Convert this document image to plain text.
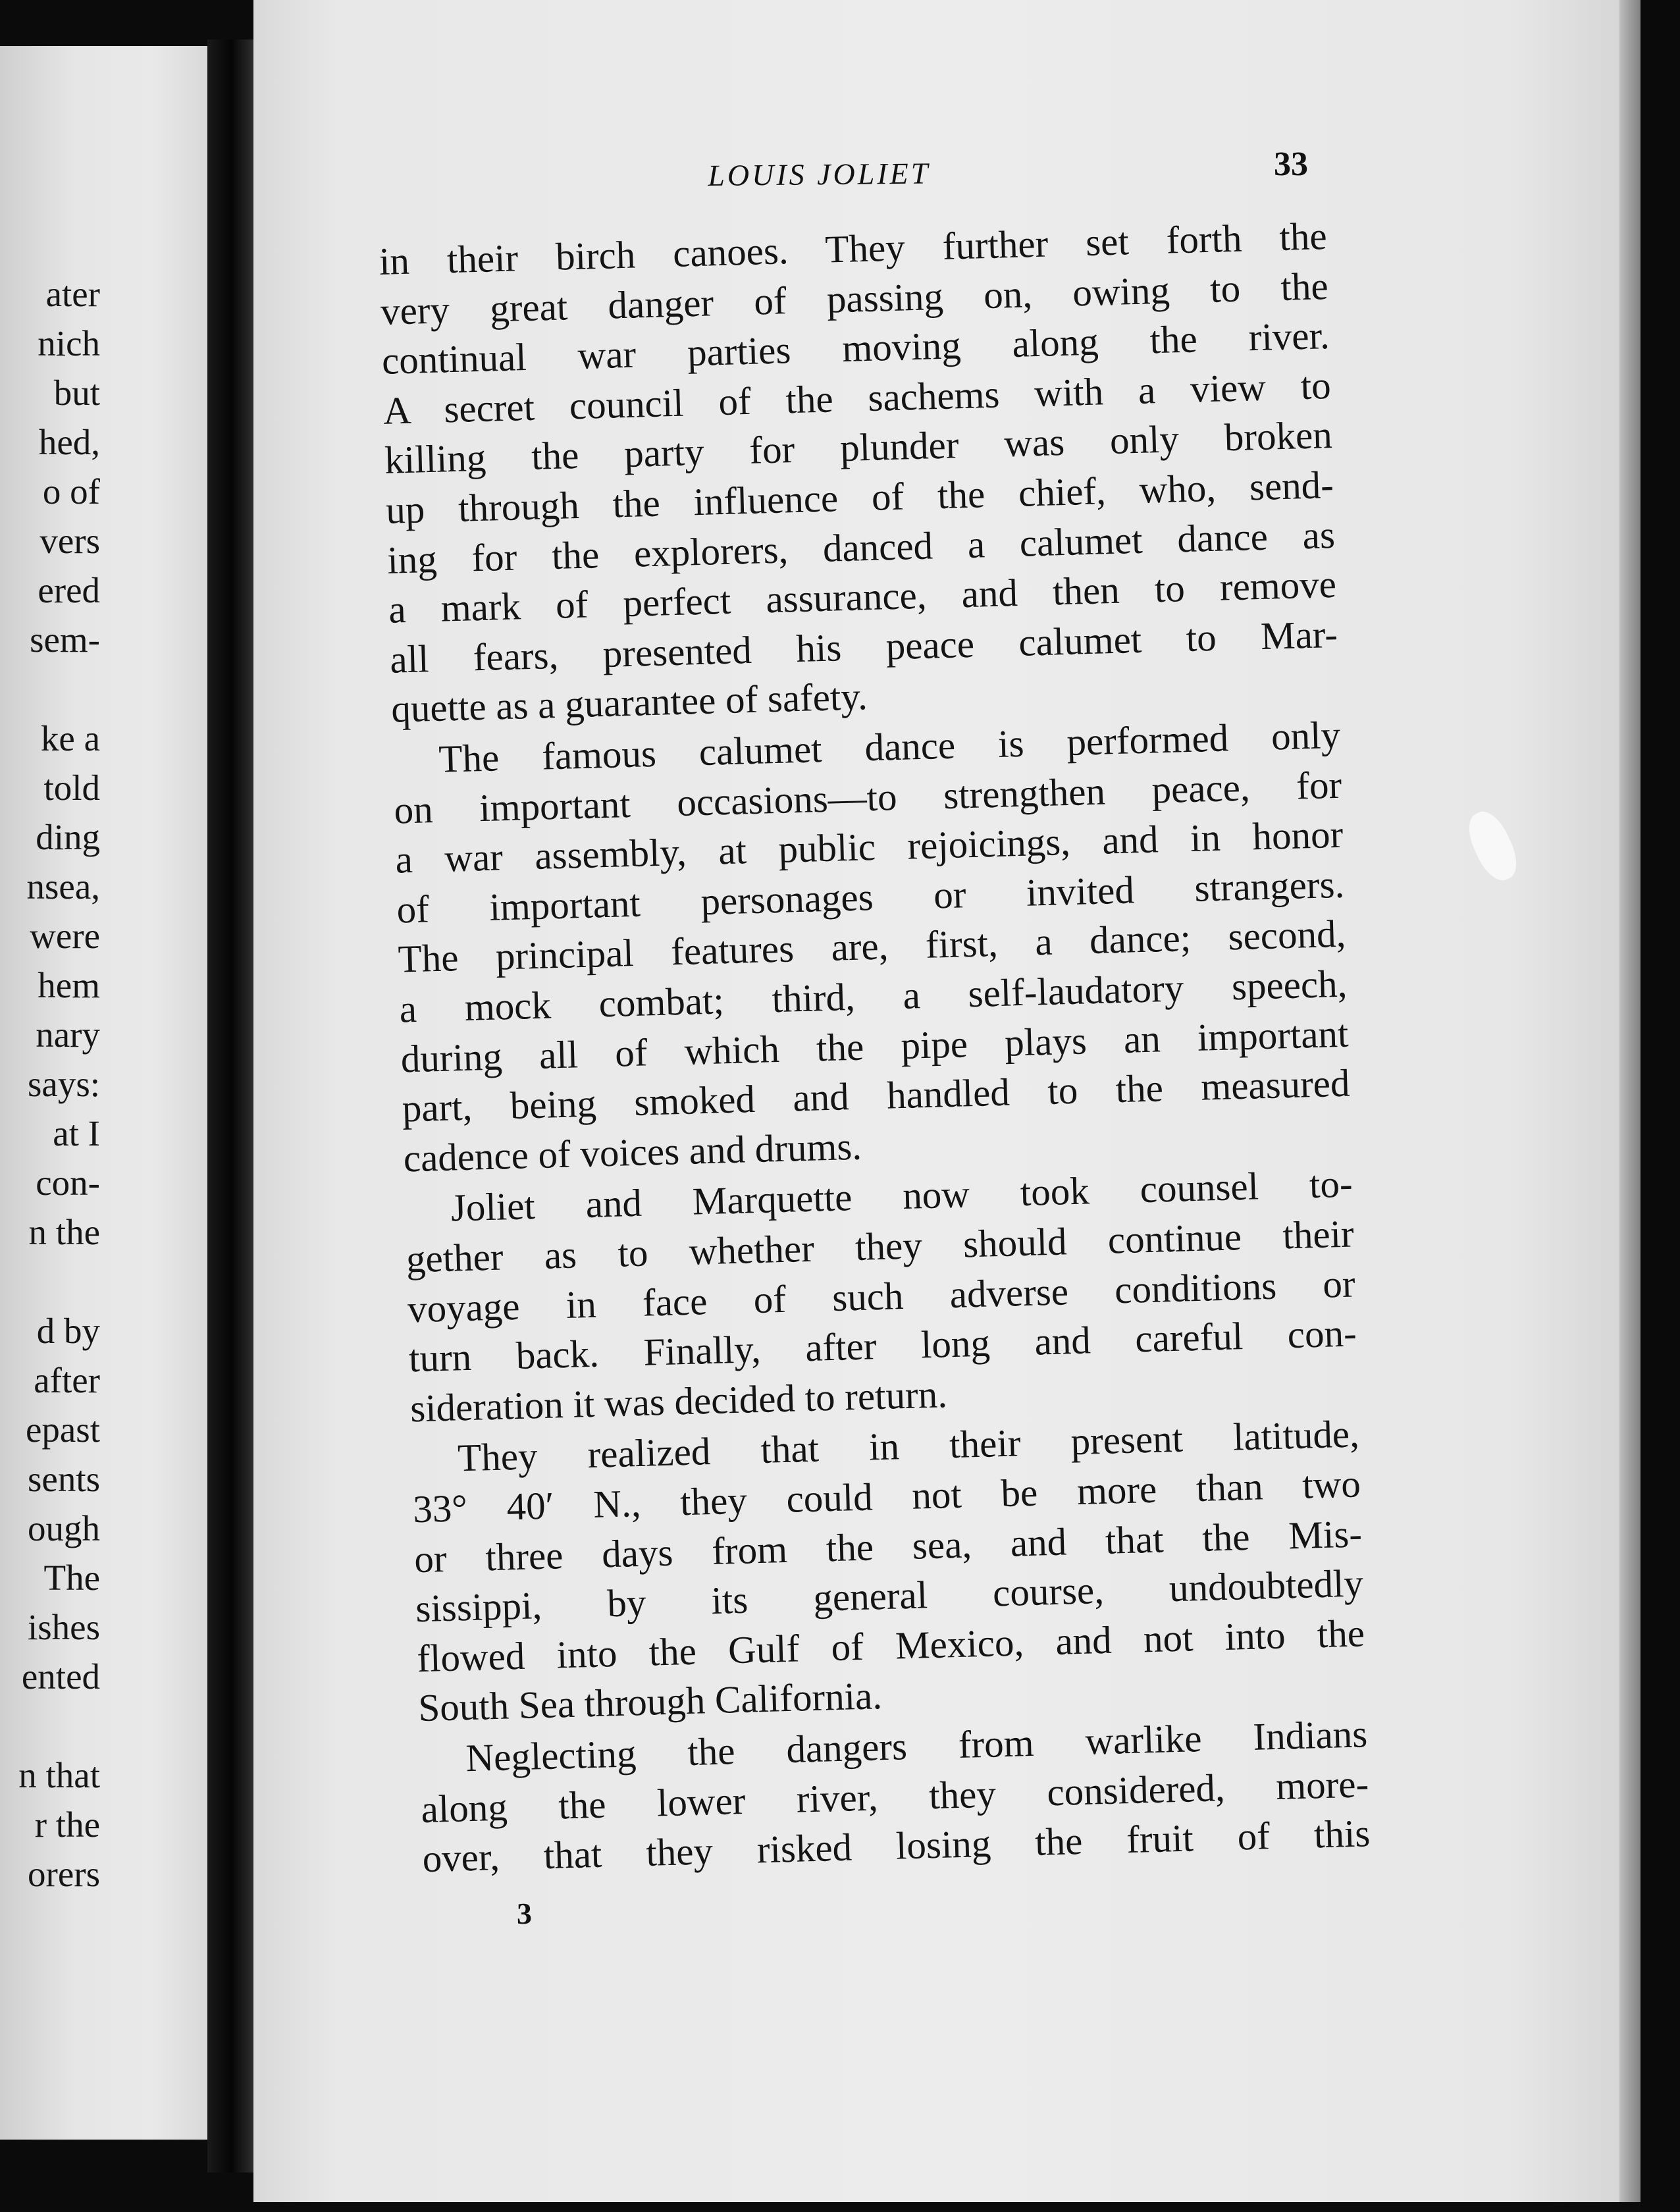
ater
nich
but
hed,
o of
vers
ered
sem-
ke a
told
ding
nsea,
were
hem
nary
says:
at I
con-
n the
d by
after
epast
sents
ough
The
ishes
ented
n that
r the
orers
LOUIS JOLIET	33
in their birch canoes. They further set forth the
very great danger of passing on, owing to the
continual war parties moving along the river.
A secret council of the sachems with a view to
killing the party for plunder was only broken
up through the influence of the chief, who, send-
ing for the explorers, danced a calumet dance as
a mark of perfect assurance, and then to remove
all fears, presented his peace calumet to Mar-
quette as a guarantee of safety.
The famous calumet dance is performed only
on important occasions—to strengthen peace, for
a war assembly, at public rejoicings, and in honor
of important personages or invited strangers.
The principal features are, first, a dance; second,
a mock combat; third, a self-laudatory speech,
during all of which the pipe plays an important
part, being smoked and handled to the measured
cadence of voices and drums.
Joliet and Marquette now took counsel to-
gether as to whether they should continue their
voyage in face of such adverse conditions or
turn back. Finally, after long and careful con-
sideration it was decided to return.
They realized that in their present latitude,
33° 40′ N., they could not be more than two
or three days from the sea, and that the Mis-
sissippi, by its general course, undoubtedly
flowed into the Gulf of Mexico, and not into the
South Sea through California.
Neglecting the dangers from warlike Indians
along the lower river, they considered, more-
over, that they risked losing the fruit of this
3
